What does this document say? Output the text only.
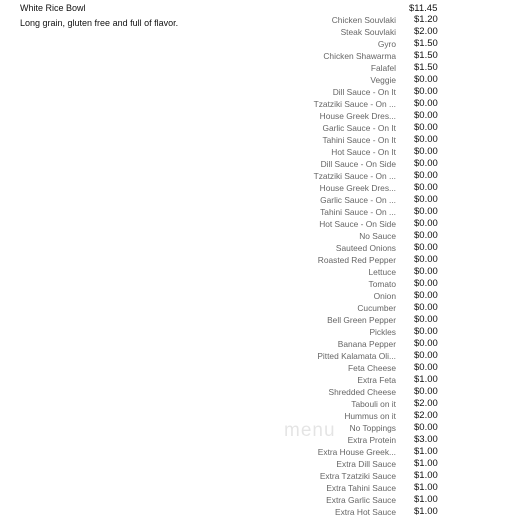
White Rice Bowl
Long grain, gluten free and full of flavor.
$11.45
Chicken Souvlaki $1.20
Steak Souvlaki $2.00
Gyro $1.50
Chicken Shawarma $1.50
Falafel $1.50
Veggie $0.00
Dill Sauce - On It $0.00
Tzatziki Sauce - On ... $0.00
House Greek Dres... $0.00
Garlic Sauce - On It $0.00
Tahini Sauce - On It $0.00
Hot Sauce - On It $0.00
Dill Sauce - On Side $0.00
Tzatziki Sauce - On ... $0.00
House Greek Dres... $0.00
Garlic Sauce - On ... $0.00
Tahini Sauce - On ... $0.00
Hot Sauce - On Side $0.00
No Sauce $0.00
Sauteed Onions $0.00
Roasted Red Pepper $0.00
Lettuce $0.00
Tomato $0.00
Onion $0.00
Cucumber $0.00
Bell Green Pepper $0.00
Pickles $0.00
Banana Pepper $0.00
Pitted Kalamata Oli... $0.00
Feta Cheese $0.00
Extra Feta $1.00
Shredded Cheese $0.00
Tabouli on it $2.00
Hummus on it $2.00
No Toppings $0.00
Extra Protein $3.00
Extra House Greek... $1.00
Extra Dill Sauce $1.00
Extra Tzatziki Sauce $1.00
Extra Tahini Sauce $1.00
Extra Garlic Sauce $1.00
Extra Hot Sauce $1.00
menu
